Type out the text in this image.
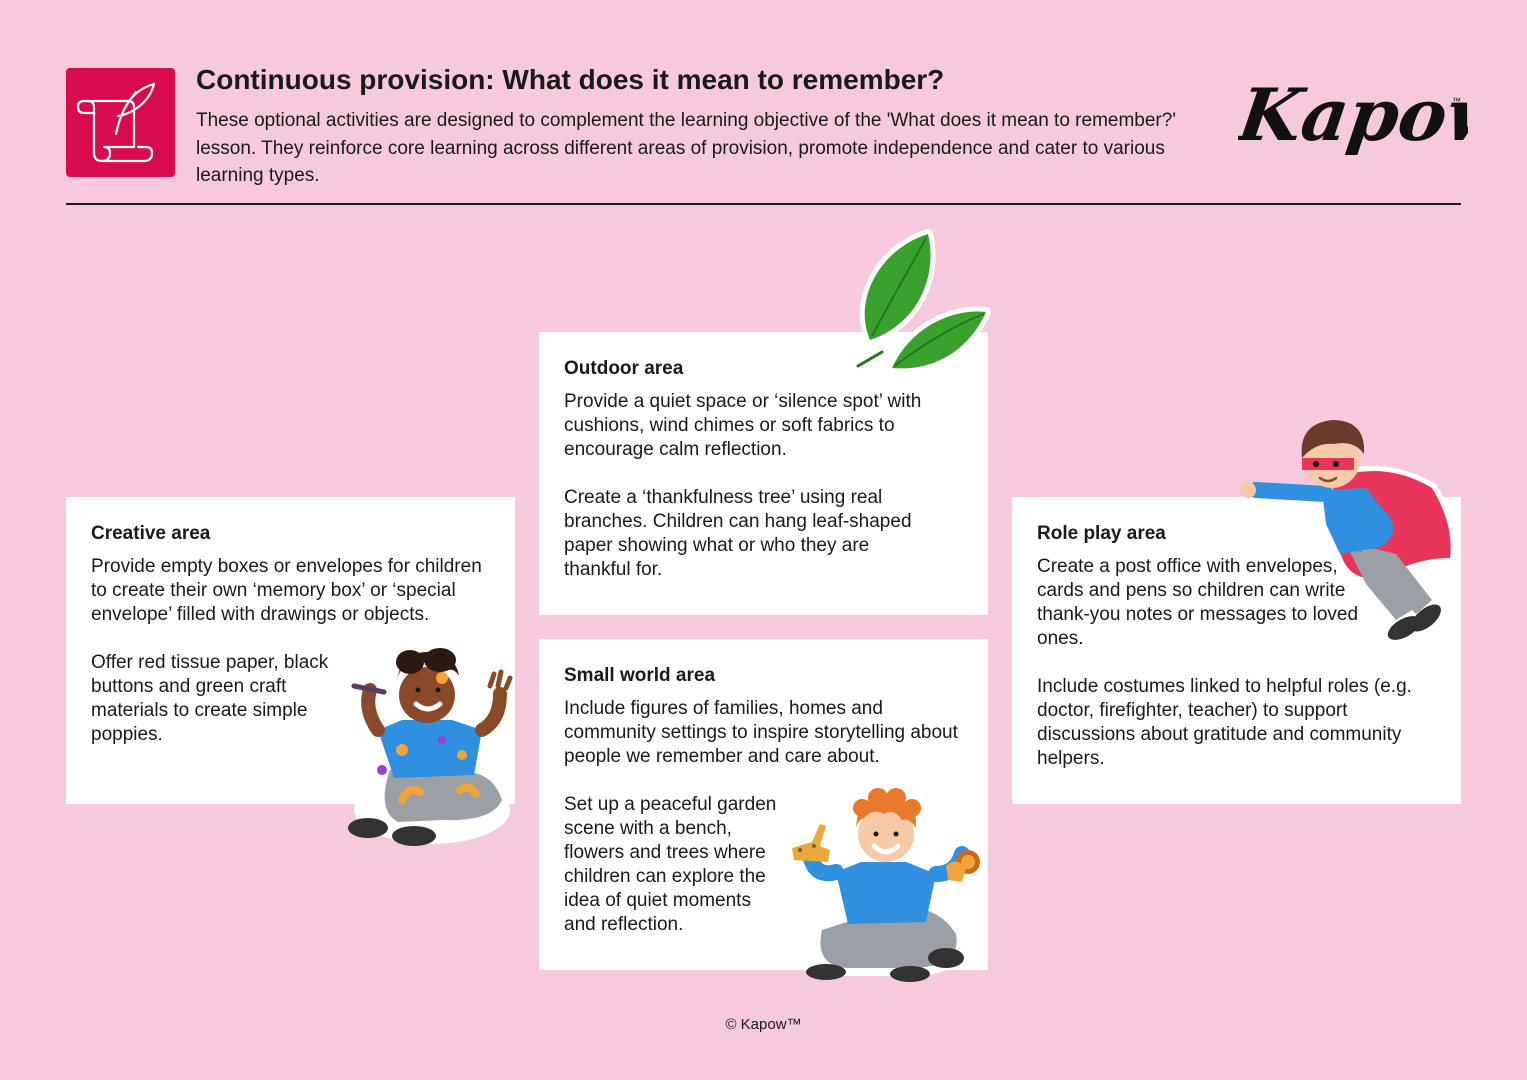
Continuous provision: What does it mean to remember?
These optional activities are designed to complement the learning objective of the 'What does it mean to remember?' lesson. They reinforce core learning across different areas of provision, promote independence and cater to various learning types.
Kapow
™
Creative area

Provide empty boxes or envelopes for children to create their own ‘memory box’ or ‘special envelope’ filled with drawings or objects.

Offer red tissue paper, black buttons and green craft materials to create simple poppies.

Outdoor area

Provide a quiet space or ‘silence spot’ with cushions, wind chimes or soft fabrics to encourage calm reflection.

Create a ‘thankfulness tree’ using real branches. Children can hang leaf-shaped paper showing what or who they are thankful for.

Small world area

Include figures of families, homes and community settings to inspire storytelling about people we remember and care about.

Set up a peaceful garden scene with a bench, flowers and trees where children can explore the idea of quiet moments and reflection.

Role play area

Create a post office with envelopes, cards and pens so children can write thank-you notes or messages to loved ones.

Include costumes linked to helpful roles (e.g. doctor, firefighter, teacher) to support discussions about gratitude and community helpers.

© Kapow™
